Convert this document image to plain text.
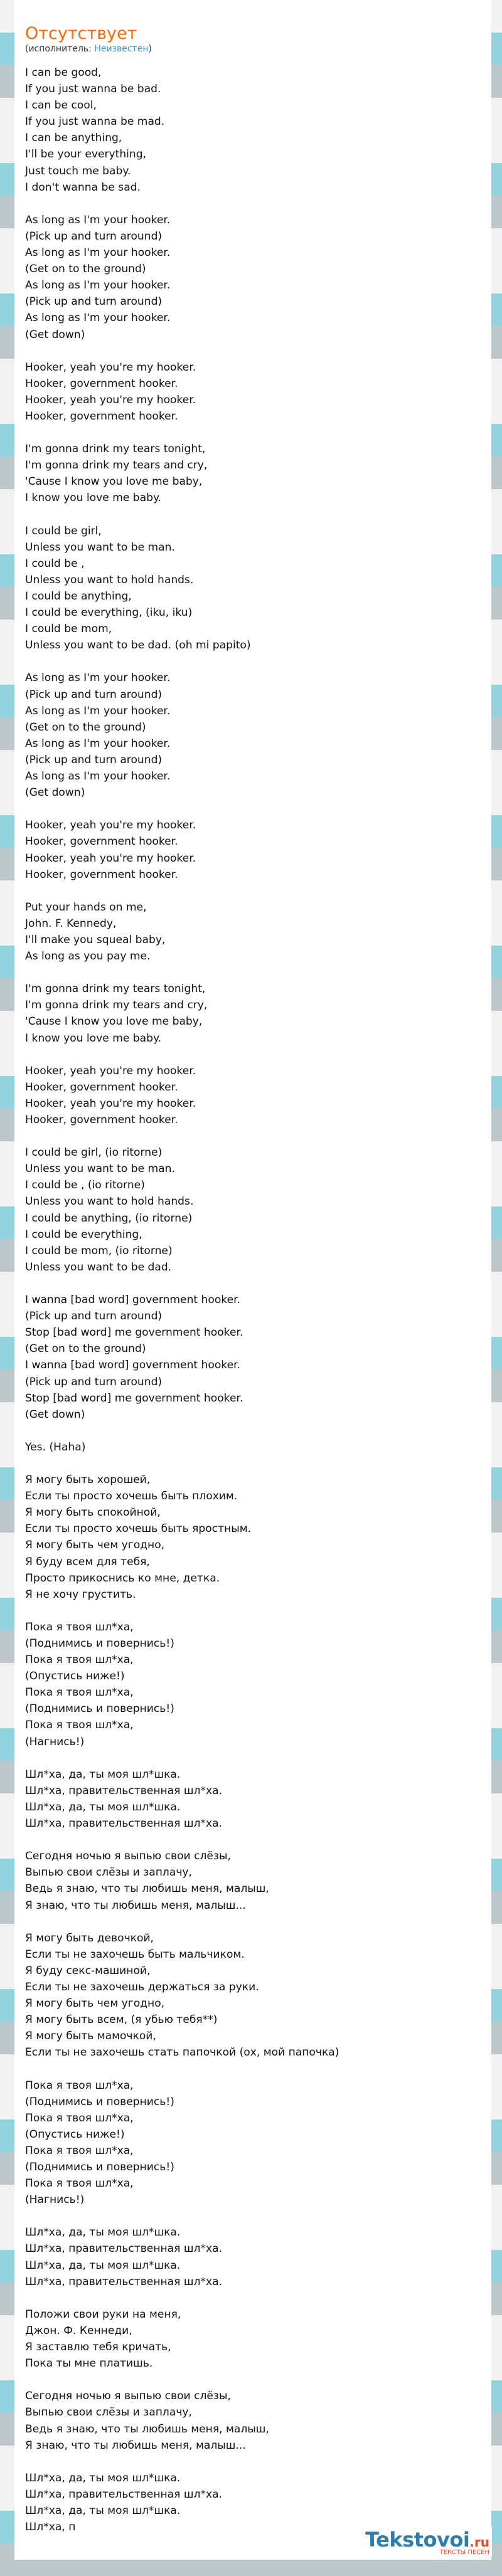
Отсутствует
(исполнитель: Неизвестен)
I can be good,
If you just wanna be bad.
I can be cool,
If you just wanna be mad.
I can be anything,
I'll be your everything,
Just touch me baby.
I don't wanna be sad.

As long as I'm your hooker.
(Pick up and turn around)
As long as I'm your hooker.
(Get on to the ground)
As long as I'm your hooker.
(Pick up and turn around)
As long as I'm your hooker.
(Get down)

Hooker, yeah you're my hooker.
Hooker, government hooker.
Hooker, yeah you're my hooker.
Hooker, government hooker.

I'm gonna drink my tears tonight,
I'm gonna drink my tears and cry,
'Cause I know you love me baby,
I know you love me baby.

I could be girl,
Unless you want to be man.
I could be ,
Unless you want to hold hands.
I could be anything,
I could be everything, (iku, iku)
I could be mom,
Unless you want to be dad. (oh mi papito)

As long as I'm your hooker.
(Pick up and turn around)
As long as I'm your hooker.
(Get on to the ground)
As long as I'm your hooker.
(Pick up and turn around)
As long as I'm your hooker.
(Get down)

Hooker, yeah you're my hooker.
Hooker, government hooker.
Hooker, yeah you're my hooker.
Hooker, government hooker.

Put your hands on me,
John. F. Kennedy,
I'll make you squeal baby,
As long as you pay me.

I'm gonna drink my tears tonight,
I'm gonna drink my tears and cry,
'Cause I know you love me baby,
I know you love me baby.

Hooker, yeah you're my hooker.
Hooker, government hooker.
Hooker, yeah you're my hooker.
Hooker, government hooker.

I could be girl, (io ritorne)
Unless you want to be man.
I could be , (io ritorne)
Unless you want to hold hands.
I could be anything, (io ritorne)
I could be everything,
I could be mom, (io ritorne)
Unless you want to be dad.

I wanna [bad word] government hooker.
(Pick up and turn around)
Stop [bad word] me government hooker.
(Get on to the ground)
I wanna [bad word] government hooker.
(Pick up and turn around)
Stop [bad word] me government hooker.
(Get down)

Yes. (Haha)

Я могу быть хорошей,
Если ты просто хочешь быть плохим.
Я могу быть спокойной,
Если ты просто хочешь быть яростным.
Я могу быть чем угодно,
Я буду всем для тебя,
Просто прикоснись ко мне, детка.
Я не хочу грустить.

Пока я твоя шл*ха,
(Поднимись и повернись!)
Пока я твоя шл*ха,
(Опустись ниже!)
Пока я твоя шл*ха,
(Поднимись и повернись!)
Пока я твоя шл*ха,
(Нагнись!)

Шл*ха, да, ты моя шл*шка.
Шл*ха, правительственная шл*ха.
Шл*ха, да, ты моя шл*шка.
Шл*ха, правительственная шл*ха.

Сегодня ночью я выпью свои слёзы,
Выпью свои слёзы и заплачу,
Ведь я знаю, что ты любишь меня, малыш,
Я знаю, что ты любишь меня, малыш...

Я могу быть девочкой,
Если ты не захочешь быть мальчиком.
Я буду секс-машиной,
Если ты не захочешь держаться за руки.
Я могу быть чем угодно,
Я могу быть всем, (я убью тебя**)
Я могу быть мамочкой,
Если ты не захочешь стать папочкой (ох, мой папочка)

Пока я твоя шл*ха,
(Поднимись и повернись!)
Пока я твоя шл*ха,
(Опустись ниже!)
Пока я твоя шл*ха,
(Поднимись и повернись!)
Пока я твоя шл*ха,
(Нагнись!)

Шл*ха, да, ты моя шл*шка.
Шл*ха, правительственная шл*ха.
Шл*ха, да, ты моя шл*шка.
Шл*ха, правительственная шл*ха.

Положи свои руки на меня,
Джон. Ф. Кеннеди,
Я заставлю тебя кричать,
Пока ты мне платишь.

Сегодня ночью я выпью свои слёзы,
Выпью свои слёзы и заплачу,
Ведь я знаю, что ты любишь меня, малыш,
Я знаю, что ты любишь меня, малыш...

Шл*ха, да, ты моя шл*шка.
Шл*ха, правительственная шл*ха.
Шл*ха, да, ты моя шл*шка.
Шл*ха, п
Tekstovoi.ru
ТЕКСТЫ ПЕСЕН
